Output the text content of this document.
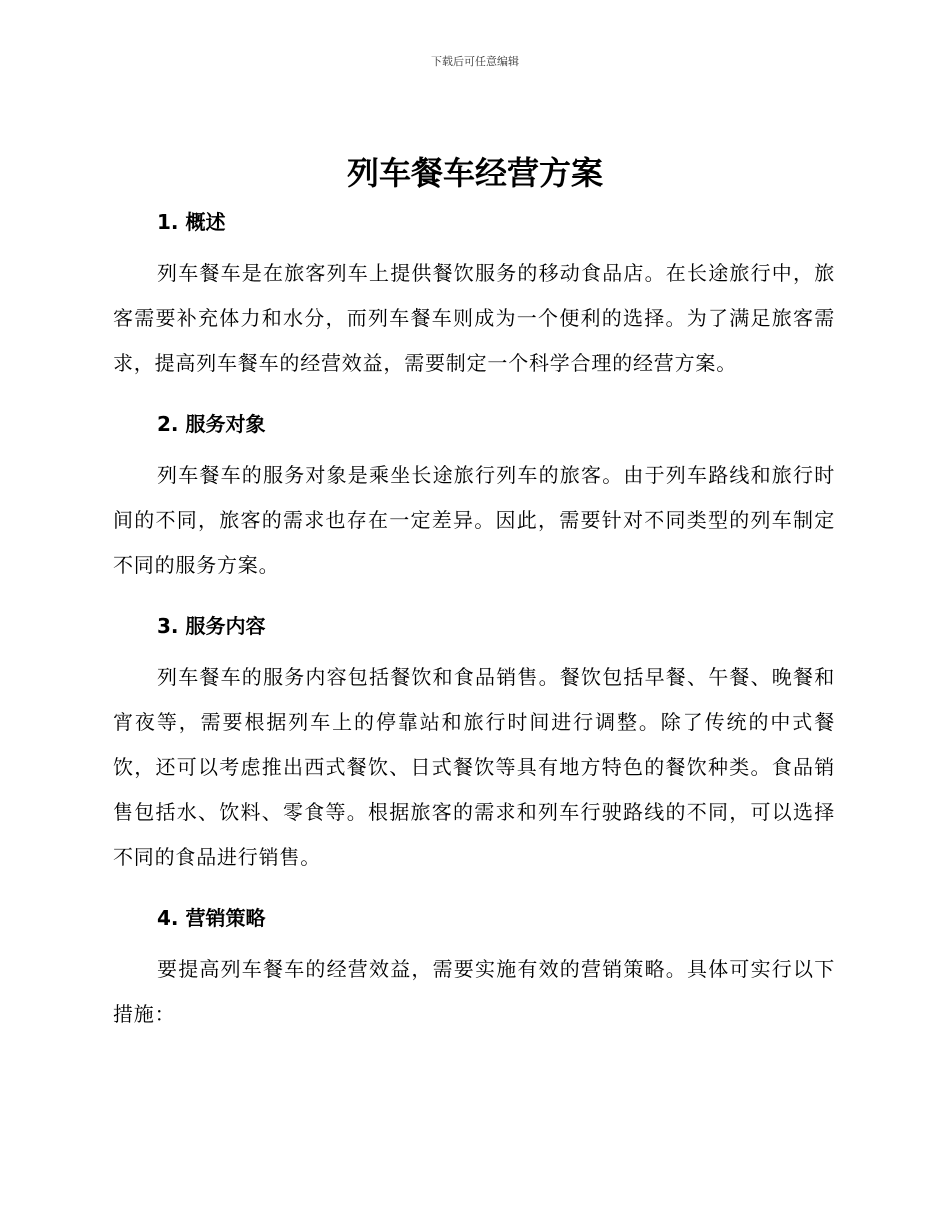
下载后可任意编辑
列车餐车经营方案
1. 概述

列车餐车是在旅客列车上提供餐饮服务的移动食品店。在长途旅行中，旅客需要补充体力和水分，而列车餐车则成为一个便利的选择。为了满足旅客需求，提高列车餐车的经营效益，需要制定一个科学合理的经营方案。

2. 服务对象

列车餐车的服务对象是乘坐长途旅行列车的旅客。由于列车路线和旅行时间的不同，旅客的需求也存在一定差异。因此，需要针对不同类型的列车制定不同的服务方案。

3. 服务内容

列车餐车的服务内容包括餐饮和食品销售。餐饮包括早餐、午餐、晚餐和宵夜等，需要根据列车上的停靠站和旅行时间进行调整。除了传统的中式餐饮，还可以考虑推出西式餐饮、日式餐饮等具有地方特色的餐饮种类。食品销售包括水、饮料、零食等。根据旅客的需求和列车行驶路线的不同，可以选择不同的食品进行销售。

4. 营销策略

要提高列车餐车的经营效益，需要实施有效的营销策略。具体可实行以下措施：
